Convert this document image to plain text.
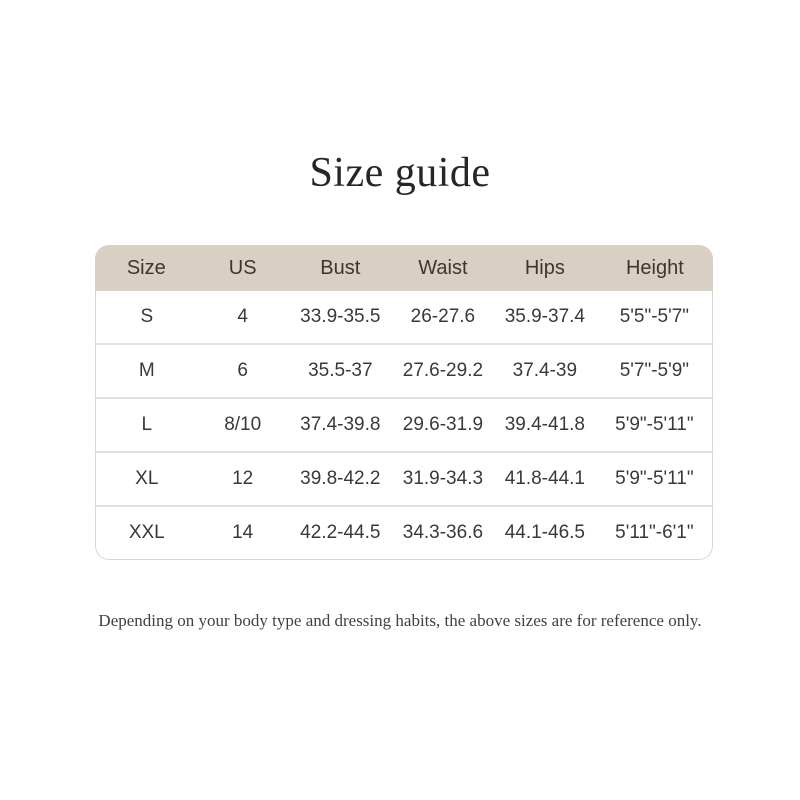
Size guide
Size	US	Bust	Waist	Hips	Height
S	4	33.9-35.5	26-27.6	35.9-37.4	5'5"-5'7"
M	6	35.5-37	27.6-29.2	37.4-39	5'7"-5'9"
L	8/10	37.4-39.8	29.6-31.9	39.4-41.8	5'9"-5'11"
XL	12	39.8-42.2	31.9-34.3	41.8-44.1	5'9"-5'11"
XXL	14	42.2-44.5	34.3-36.6	44.1-46.5	5'11"-6'1"

Depending on your body type and dressing habits, the above sizes are for reference only.
